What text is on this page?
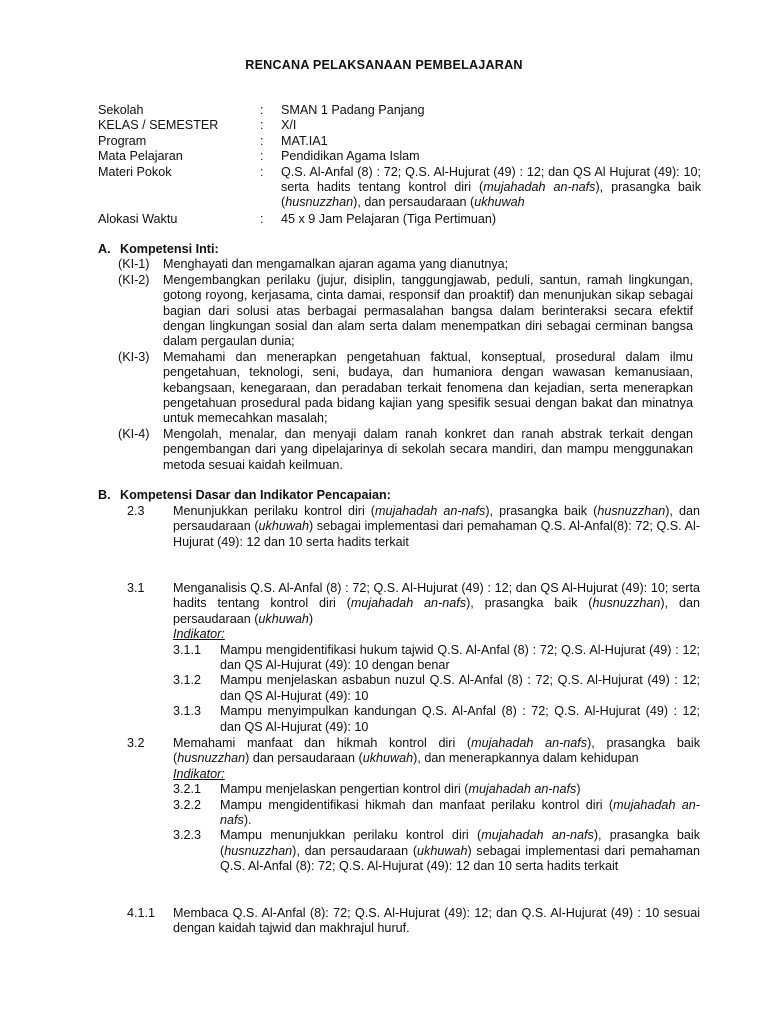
RENCANA PELAKSANAAN PEMBELAJARAN
Sekolah	:	SMAN 1 Padang Panjang
KELAS / SEMESTER	:	X/I
Program	:	MAT.IA1
Mata Pelajaran	:	Pendidikan Agama Islam
Materi Pokok	:	Q.S. Al-Anfal (8) : 72; Q.S. Al-Hujurat (49) : 12; dan QS Al Hujurat (49): 10; serta hadits tentang kontrol diri (mujahadah an-nafs), prasangka baik (husnuzzhan), dan persaudaraan (ukhuwah
Alokasi Waktu	:	45 x 9 Jam Pelajaran (Tiga Pertimuan)
A. Kompetensi Inti:
(KI-1)	Menghayati dan mengamalkan ajaran agama yang dianutnya;
(KI-2)	Mengembangkan perilaku (jujur, disiplin, tanggungjawab, peduli, santun, ramah lingkungan, gotong royong, kerjasama, cinta damai, responsif dan proaktif) dan menunjukan sikap sebagai bagian dari solusi atas berbagai permasalahan bangsa dalam berinteraksi secara efektif dengan lingkungan sosial dan alam serta dalam menempatkan diri sebagai cerminan bangsa dalam pergaulan dunia;
(KI-3)	Memahami dan menerapkan pengetahuan faktual, konseptual, prosedural dalam ilmu pengetahuan, teknologi, seni, budaya, dan humaniora dengan wawasan kemanusiaan, kebangsaan, kenegaraan, dan peradaban terkait fenomena dan kejadian, serta menerapkan pengetahuan prosedural pada bidang kajian yang spesifik sesuai dengan bakat dan minatnya untuk memecahkan masalah;
(KI-4)	Mengolah, menalar, dan menyaji dalam ranah konkret dan ranah abstrak terkait dengan pengembangan dari yang dipelajarinya di sekolah secara mandiri, dan mampu menggunakan metoda sesuai kaidah keilmuan.
B. Kompetensi Dasar dan Indikator Pencapaian:
2.3	Menunjukkan perilaku kontrol diri (mujahadah an-nafs), prasangka baik (husnuzzhan), dan persaudaraan (ukhuwah) sebagai implementasi dari pemahaman Q.S. Al-Anfal(8): 72; Q.S. Al-Hujurat (49): 12 dan 10 serta hadits terkait
3.1	Menganalisis Q.S. Al-Anfal (8) : 72; Q.S. Al-Hujurat (49) : 12; dan QS Al-Hujurat (49): 10; serta hadits tentang kontrol diri (mujahadah an-nafs), prasangka baik (husnuzzhan), dan persaudaraan (ukhuwah)
Indikator:
3.1.1	Mampu mengidentifikasi hukum tajwid Q.S. Al-Anfal (8) : 72; Q.S. Al-Hujurat (49) : 12; dan QS Al-Hujurat (49): 10 dengan benar
3.1.2	Mampu menjelaskan asbabun nuzul Q.S. Al-Anfal (8) : 72; Q.S. Al-Hujurat (49) : 12; dan QS Al-Hujurat (49): 10
3.1.3	Mampu menyimpulkan kandungan Q.S. Al-Anfal (8) : 72; Q.S. Al-Hujurat (49) : 12; dan QS Al-Hujurat (49): 10
3.2	Memahami manfaat dan hikmah kontrol diri (mujahadah an-nafs), prasangka baik (husnuzzhan) dan persaudaraan (ukhuwah), dan menerapkannya dalam kehidupan
Indikator:
3.2.1	Mampu menjelaskan pengertian kontrol diri (mujahadah an-nafs)
3.2.2	Mampu mengidentifikasi hikmah dan manfaat perilaku kontrol diri (mujahadah an-nafs).
3.2.3	Mampu menunjukkan perilaku kontrol diri (mujahadah an-nafs), prasangka baik (husnuzzhan), dan persaudaraan (ukhuwah) sebagai implementasi dari pemahaman Q.S. Al-Anfal (8): 72; Q.S. Al-Hujurat (49): 12 dan 10 serta hadits terkait
4.1.1	Membaca Q.S. Al-Anfal (8): 72; Q.S. Al-Hujurat (49): 12; dan Q.S. Al-Hujurat (49) : 10 sesuai dengan kaidah tajwid dan makhrajul huruf.
